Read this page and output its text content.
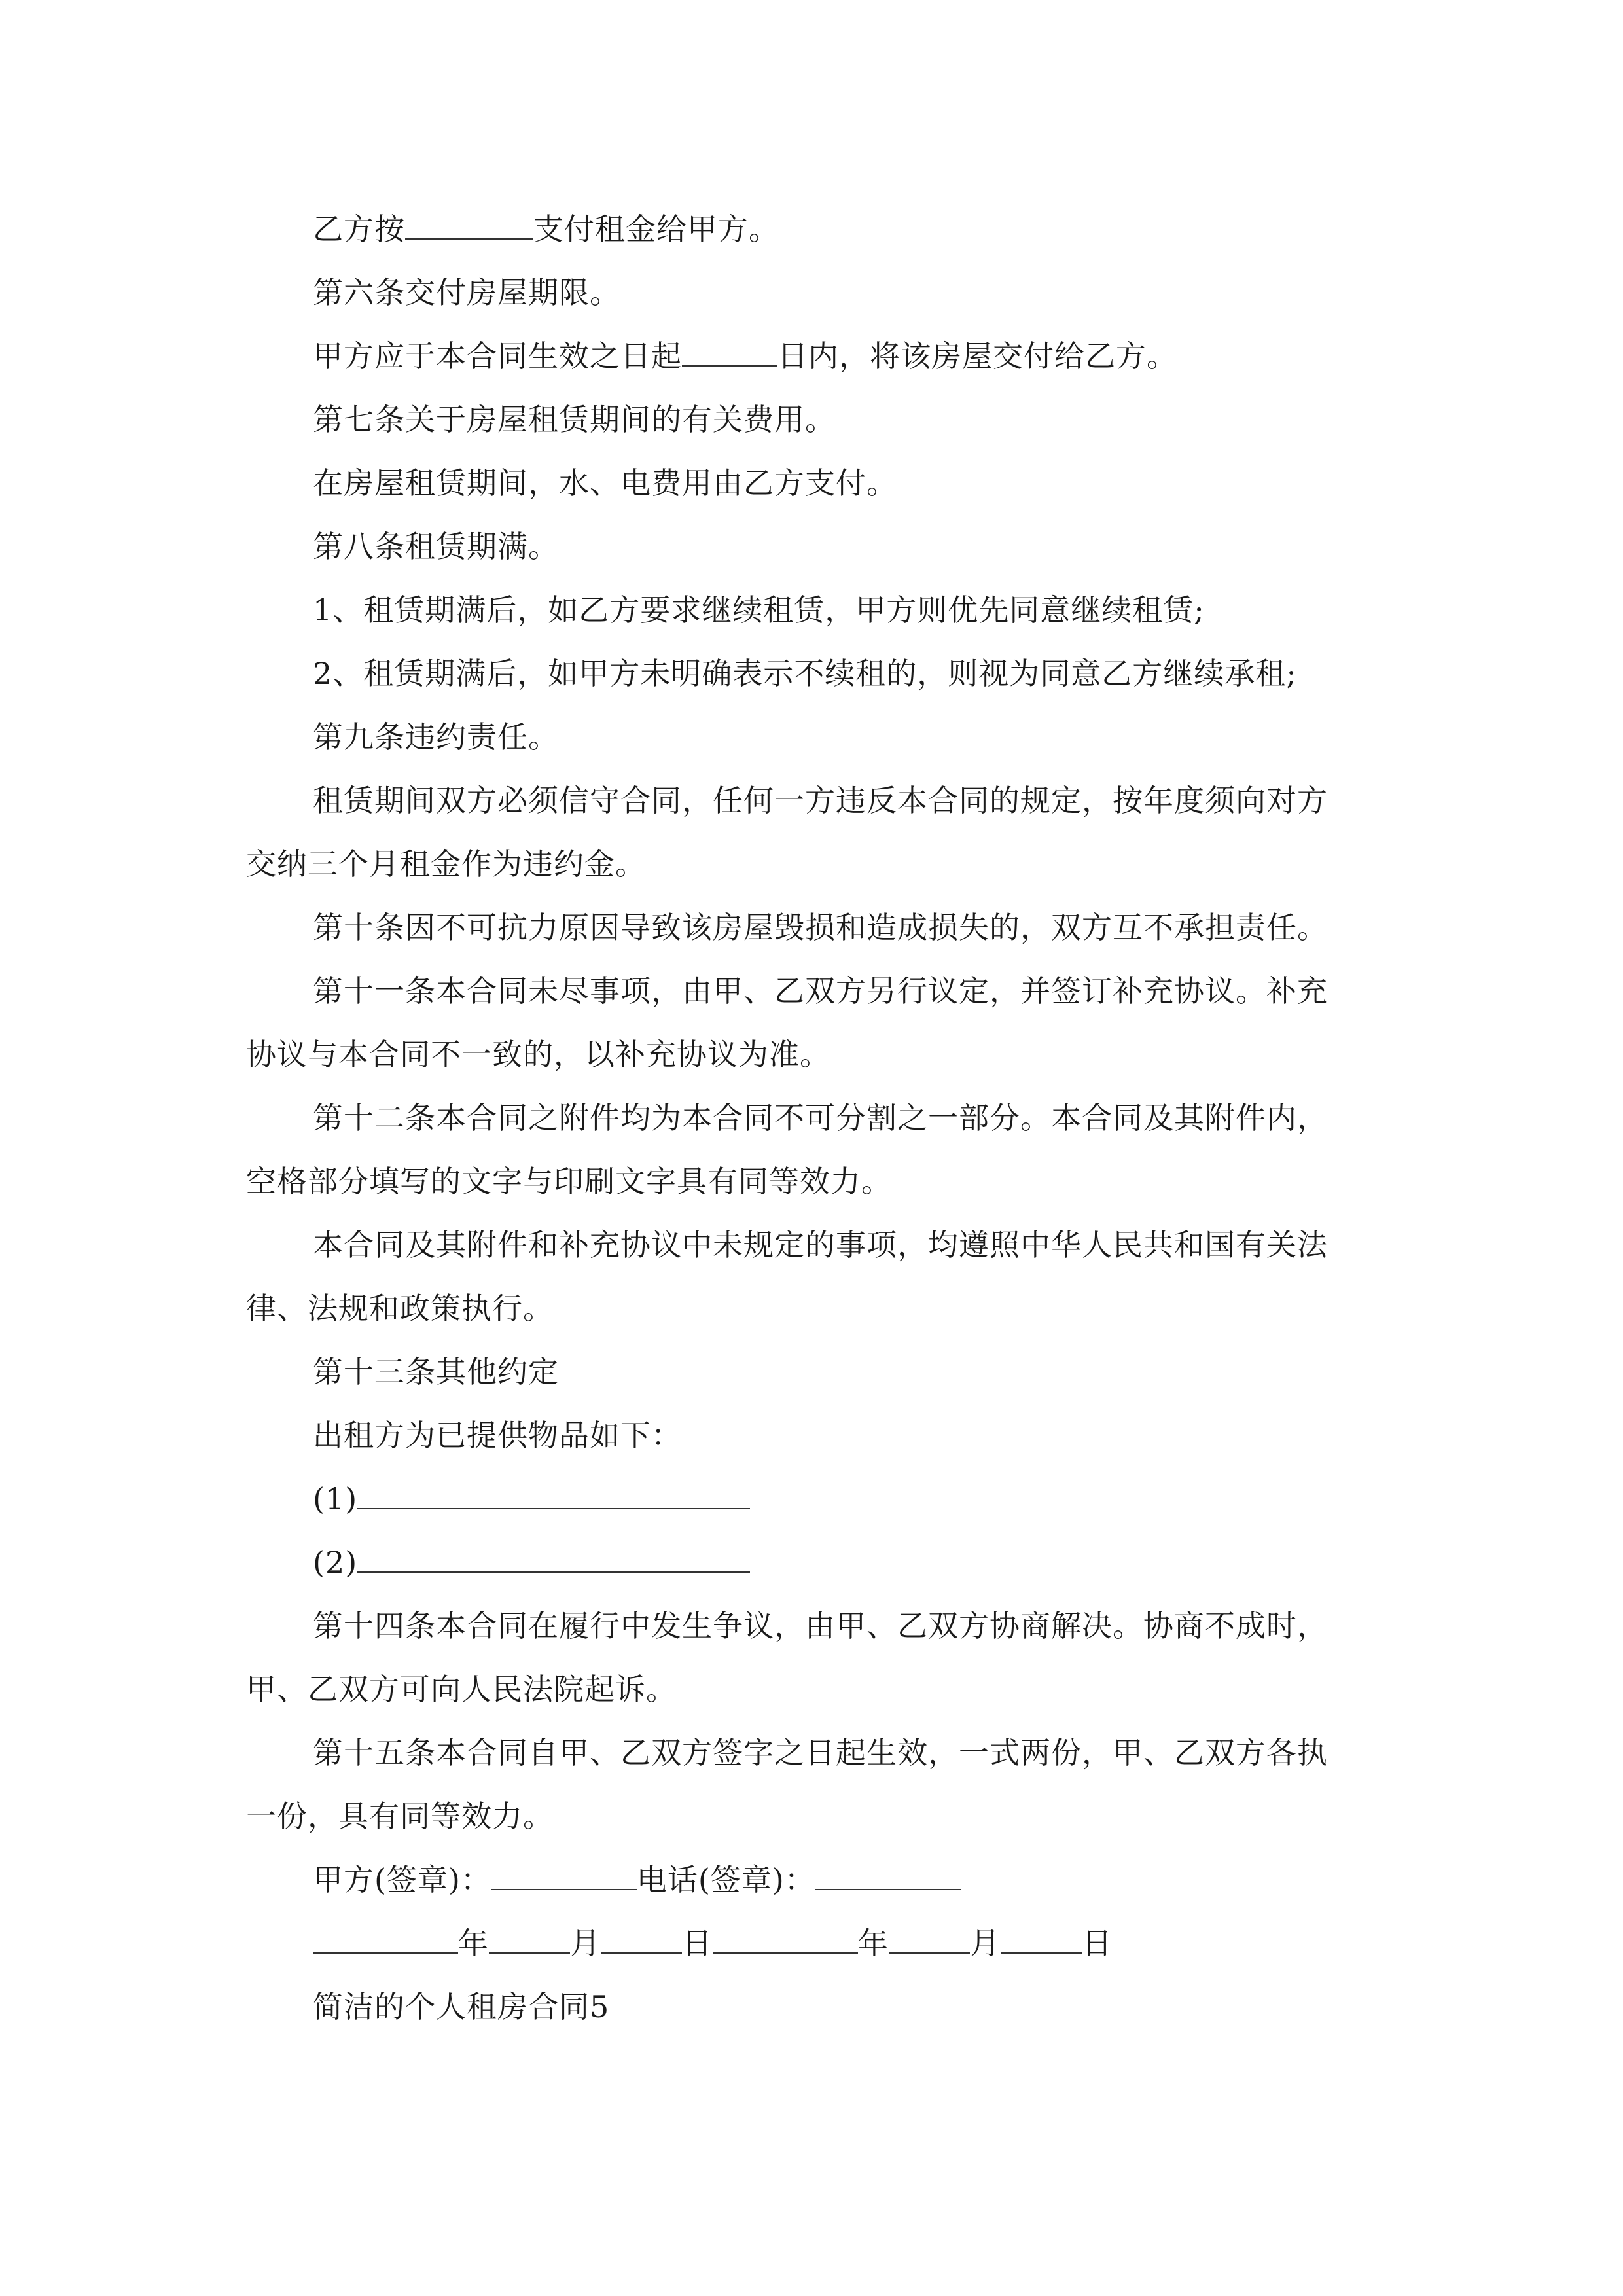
乙方按	支付租金给甲方。
第六条交付房屋期限。
甲方应于本合同生效之日起	日内，将该房屋交付给乙方。
第七条关于房屋租赁期间的有关费用。
在房屋租赁期间，水、电费用由乙方支付。
第八条租赁期满。
1、租赁期满后，如乙方要求继续租赁，甲方则优先同意继续租赁;
2、租赁期满后，如甲方未明确表示不续租的，则视为同意乙方继续承租;
第九条违约责任。
租赁期间双方必须信守合同，任何一方违反本合同的规定，按年度须向对方
交纳三个月租金作为违约金。
第十条因不可抗力原因导致该房屋毁损和造成损失的，双方互不承担责任。
第十一条本合同未尽事项，由甲、乙双方另行议定，并签订补充协议。补充
协议与本合同不一致的，以补充协议为准。
第十二条本合同之附件均为本合同不可分割之一部分。本合同及其附件内，
空格部分填写的文字与印刷文字具有同等效力。
本合同及其附件和补充协议中未规定的事项，均遵照中华人民共和国有关法
律、法规和政策执行。
第十三条其他约定
出租方为已提供物品如下：
(1)
(2)
第十四条本合同在履行中发生争议，由甲、乙双方协商解决。协商不成时，
甲、乙双方可向人民法院起诉。
第十五条本合同自甲、乙双方签字之日起生效，一式两份，甲、乙双方各执
一份，具有同等效力。
甲方(签章)：	电话(签章)：
年	月	日	年	月	日
简洁的个人租房合同5
